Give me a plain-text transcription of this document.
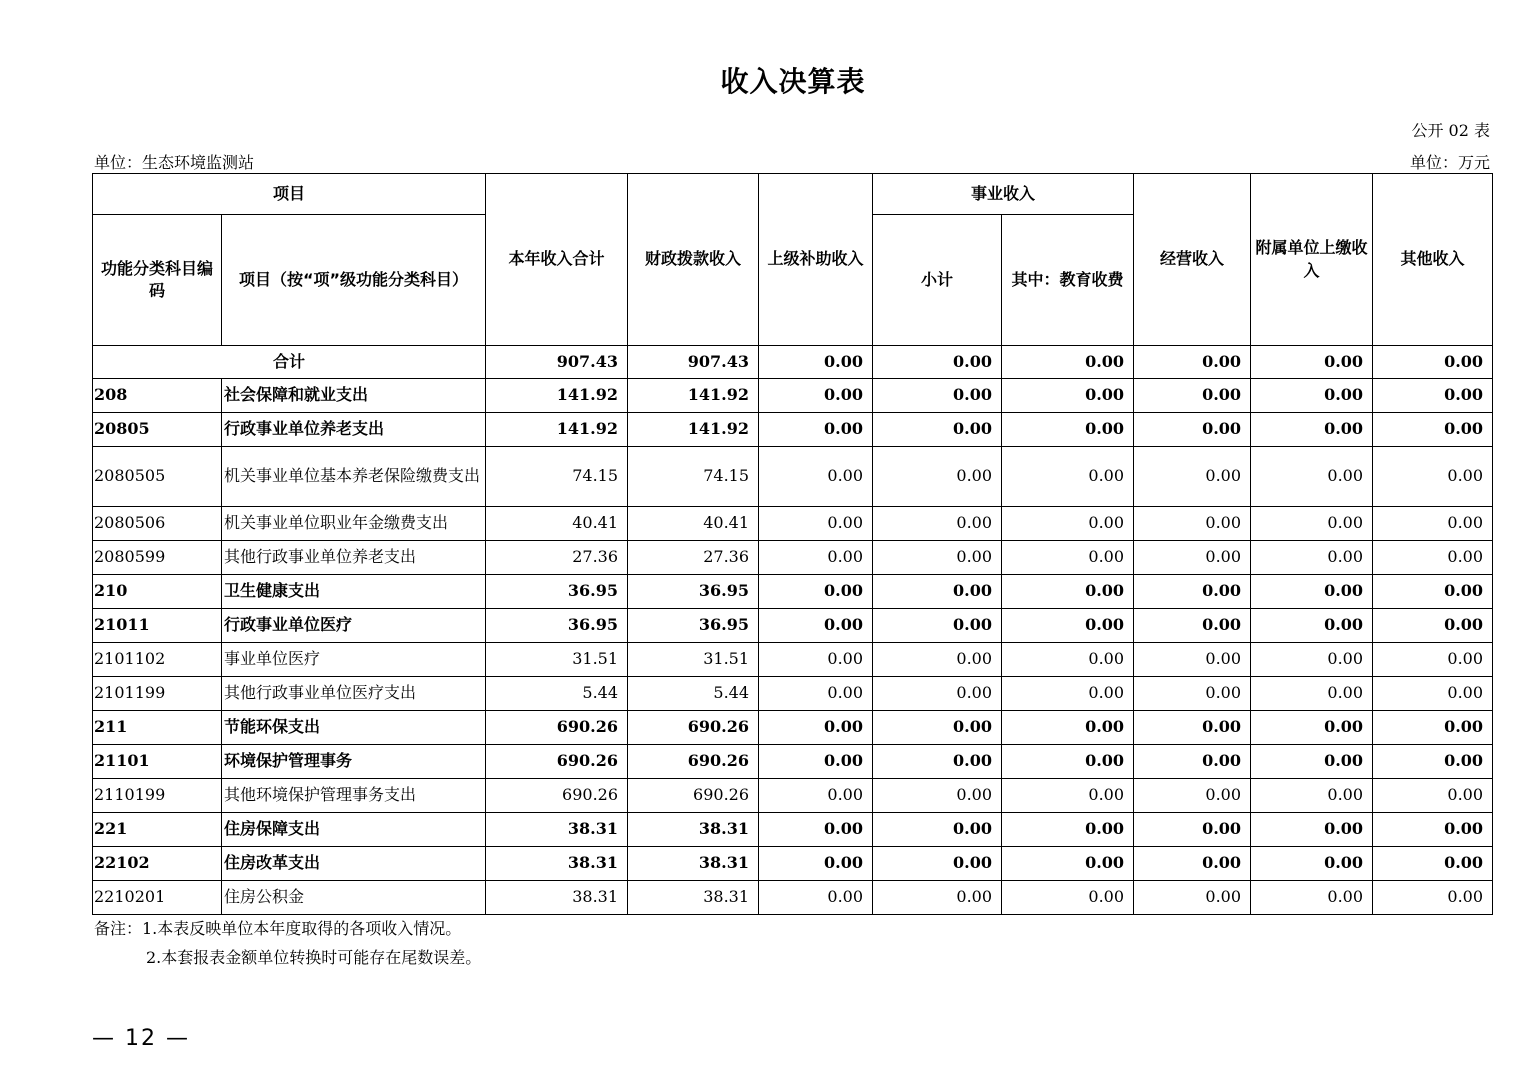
收入决算表
公开 02 表
单位：生态环境监测站	单位：万元
项目		本年收入合计	财政拨款收入	上级补助收入	事业收入		经营收入	附属单位上缴收入	其他收入
功能分类科目编码	项目（按“项”级功能分类科目）				小计	其中：教育收费			
合计		907.43	907.43	0.00	0.00	0.00	0.00	0.00	0.00
208	社会保障和就业支出	141.92	141.92	0.00	0.00	0.00	0.00	0.00	0.00
20805	行政事业单位养老支出	141.92	141.92	0.00	0.00	0.00	0.00	0.00	0.00
2080505	机关事业单位基本养老保险缴费支出	74.15	74.15	0.00	0.00	0.00	0.00	0.00	0.00
2080506	机关事业单位职业年金缴费支出	40.41	40.41	0.00	0.00	0.00	0.00	0.00	0.00
2080599	其他行政事业单位养老支出	27.36	27.36	0.00	0.00	0.00	0.00	0.00	0.00
210	卫生健康支出	36.95	36.95	0.00	0.00	0.00	0.00	0.00	0.00
21011	行政事业单位医疗	36.95	36.95	0.00	0.00	0.00	0.00	0.00	0.00
2101102	事业单位医疗	31.51	31.51	0.00	0.00	0.00	0.00	0.00	0.00
2101199	其他行政事业单位医疗支出	5.44	5.44	0.00	0.00	0.00	0.00	0.00	0.00
211	节能环保支出	690.26	690.26	0.00	0.00	0.00	0.00	0.00	0.00
21101	环境保护管理事务	690.26	690.26	0.00	0.00	0.00	0.00	0.00	0.00
2110199	其他环境保护管理事务支出	690.26	690.26	0.00	0.00	0.00	0.00	0.00	0.00
221	住房保障支出	38.31	38.31	0.00	0.00	0.00	0.00	0.00	0.00
22102	住房改革支出	38.31	38.31	0.00	0.00	0.00	0.00	0.00	0.00
2210201	住房公积金	38.31	38.31	0.00	0.00	0.00	0.00	0.00	0.00
备注：1.本表反映单位本年度取得的各项收入情况。
2.本套报表金额单位转换时可能存在尾数误差。
— 12 —
